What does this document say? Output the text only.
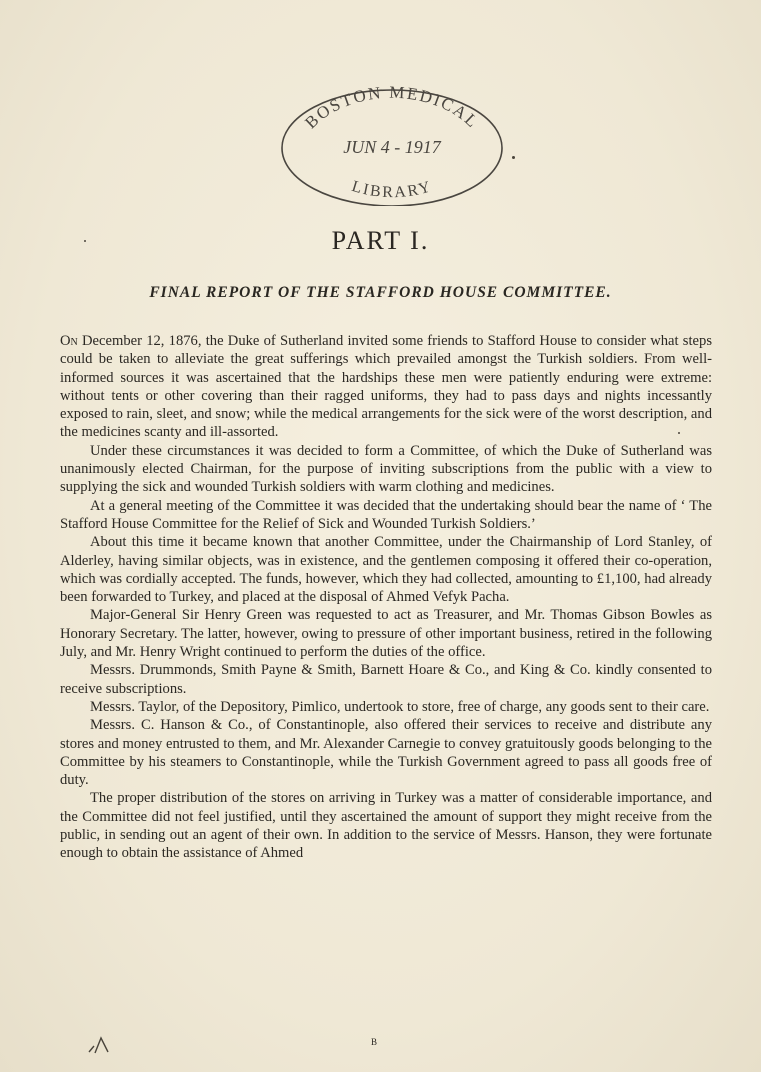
BOSTON MEDICAL
JUN 4 - 1917
LIBRARY
PART I.
FINAL REPORT OF THE STAFFORD HOUSE COMMITTEE.

On December 12, 1876, the Duke of Sutherland invited some friends to Stafford House to consider what steps could be taken to alleviate the great sufferings which prevailed amongst the Turkish soldiers. From well-informed sources it was ascertained that the hardships these men were patiently enduring were extreme: without tents or other covering than their ragged uniforms, they had to pass days and nights incessantly exposed to rain, sleet, and snow; while the medical arrangements for the sick were of the worst description, and the medicines scanty and ill-assorted.

Under these circumstances it was decided to form a Committee, of which the Duke of Sutherland was unanimously elected Chairman, for the purpose of inviting subscriptions from the public with a view to supplying the sick and wounded Turkish soldiers with warm clothing and medicines.

At a general meeting of the Committee it was decided that the undertaking should bear the name of ‘ The Stafford House Committee for the Relief of Sick and Wounded Turkish Soldiers.’

About this time it became known that another Committee, under the Chairmanship of Lord Stanley, of Alderley, having similar objects, was in existence, and the gentlemen composing it offered their co-operation, which was cordially accepted. The funds, however, which they had collected, amounting to £1,100, had already been forwarded to Turkey, and placed at the disposal of Ahmed Vefyk Pacha.

Major-General Sir Henry Green was requested to act as Treasurer, and Mr. Thomas Gibson Bowles as Honorary Secretary. The latter, however, owing to pressure of other important business, retired in the following July, and Mr. Henry Wright continued to perform the duties of the office.

Messrs. Drummonds, Smith Payne & Smith, Barnett Hoare & Co., and King & Co. kindly consented to receive subscriptions.

Messrs. Taylor, of the Depository, Pimlico, undertook to store, free of charge, any goods sent to their care.

Messrs. C. Hanson & Co., of Constantinople, also offered their services to receive and distribute any stores and money entrusted to them, and Mr. Alexander Carnegie to convey gratuitously goods belonging to the Committee by his steamers to Constantinople, while the Turkish Government agreed to pass all goods free of duty.

The proper distribution of the stores on arriving in Turkey was a matter of considerable importance, and the Committee did not feel justified, until they ascertained the amount of support they might receive from the public, in sending out an agent of their own. In addition to the service of Messrs. Hanson, they were fortunate enough to obtain the assistance of Ahmed

B
